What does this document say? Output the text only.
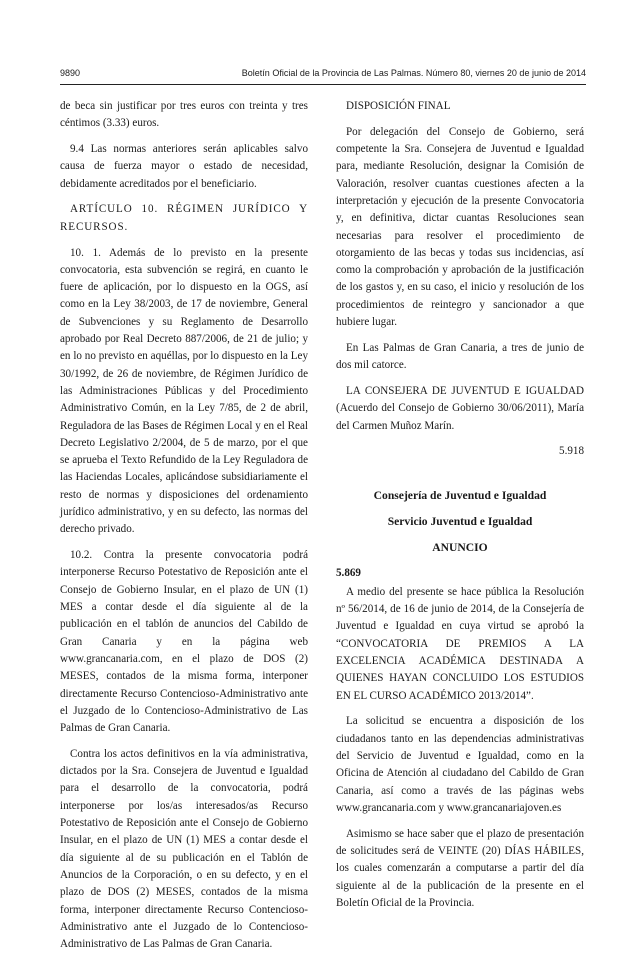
9890	Boletín Oficial de la Provincia de Las Palmas. Número 80, viernes 20 de junio de 2014

de beca sin justificar por tres euros con treinta y tres céntimos (3.33) euros.

9.4 Las normas anteriores serán aplicables salvo causa de fuerza mayor o estado de necesidad, debidamente acreditados por el beneficiario.

ARTÍCULO 10. RÉGIMEN JURÍDICO Y RECURSOS.

10. 1. Además de lo previsto en la presente convocatoria, esta subvención se regirá, en cuanto le fuere de aplicación, por lo dispuesto en la OGS, así como en la Ley 38/2003, de 17 de noviembre, General de Subvenciones y su Reglamento de Desarrollo aprobado por Real Decreto 887/2006, de 21 de julio; y en lo no previsto en aquéllas, por lo dispuesto en la Ley 30/1992, de 26 de noviembre, de Régimen Jurídico de las Administraciones Públicas y del Procedimiento Administrativo Común, en la Ley 7/85, de 2 de abril, Reguladora de las Bases de Régimen Local y en el Real Decreto Legislativo 2/2004, de 5 de marzo, por el que se aprueba el Texto Refundido de la Ley Reguladora de las Haciendas Locales, aplicándose subsidiariamente el resto de normas y disposiciones del ordenamiento jurídico administrativo, y en su defecto, las normas del derecho privado.

10.2. Contra la presente convocatoria podrá interponerse Recurso Potestativo de Reposición ante el Consejo de Gobierno Insular, en el plazo de UN (1) MES a contar desde el día siguiente al de la publicación en el tablón de anuncios del Cabildo de Gran Canaria y en la página web www.grancanaria.com, en el plazo de DOS (2) MESES, contados de la misma forma, interponer directamente Recurso Contencioso-Administrativo ante el Juzgado de lo Contencioso-Administrativo de Las Palmas de Gran Canaria.

Contra los actos definitivos en la vía administrativa, dictados por la Sra. Consejera de Juventud e Igualdad para el desarrollo de la convocatoria, podrá interponerse por los/as interesados/as Recurso Potestativo de Reposición ante el Consejo de Gobierno Insular, en el plazo de UN (1) MES a contar desde el día siguiente al de su publicación en el Tablón de Anuncios de la Corporación, o en su defecto, y en el plazo de DOS (2) MESES, contados de la misma forma, interponer directamente Recurso Contencioso-Administrativo ante el Juzgado de lo Contencioso-Administrativo de Las Palmas de Gran Canaria.

DISPOSICIÓN FINAL

Por delegación del Consejo de Gobierno, será competente la Sra. Consejera de Juventud e Igualdad para, mediante Resolución, designar la Comisión de Valoración, resolver cuantas cuestiones afecten a la interpretación y ejecución de la presente Convocatoria y, en definitiva, dictar cuantas Resoluciones sean necesarias para resolver el procedimiento de otorgamiento de las becas y todas sus incidencias, así como la comprobación y aprobación de la justificación de los gastos y, en su caso, el inicio y resolución de los procedimientos de reintegro y sancionador a que hubiere lugar.

En Las Palmas de Gran Canaria, a tres de junio de dos mil catorce.

LA CONSEJERA DE JUVENTUD E IGUALDAD (Acuerdo del Consejo de Gobierno 30/06/2011), María del Carmen Muñoz Marín.

5.918

Consejería de Juventud e Igualdad

Servicio Juventud e Igualdad

ANUNCIO

5.869

A medio del presente se hace pública la Resolución nº 56/2014, de 16 de junio de 2014, de la Consejería de Juventud e Igualdad en cuya virtud se aprobó la “CONVOCATORIA DE PREMIOS A LA EXCELENCIA ACADÉMICA DESTINADA A QUIENES HAYAN CONCLUIDO LOS ESTUDIOS EN EL CURSO ACADÉMICO 2013/2014”.

La solicitud se encuentra a disposición de los ciudadanos tanto en las dependencias administrativas del Servicio de Juventud e Igualdad, como en la Oficina de Atención al ciudadano del Cabildo de Gran Canaria, así como a través de las páginas webs www.grancanaria.com y www.grancanariajoven.es

Asimismo se hace saber que el plazo de presentación de solicitudes será de VEINTE (20) DÍAS HÁBILES, los cuales comenzarán a computarse a partir del día siguiente al de la publicación de la presente en el Boletín Oficial de la Provincia.
